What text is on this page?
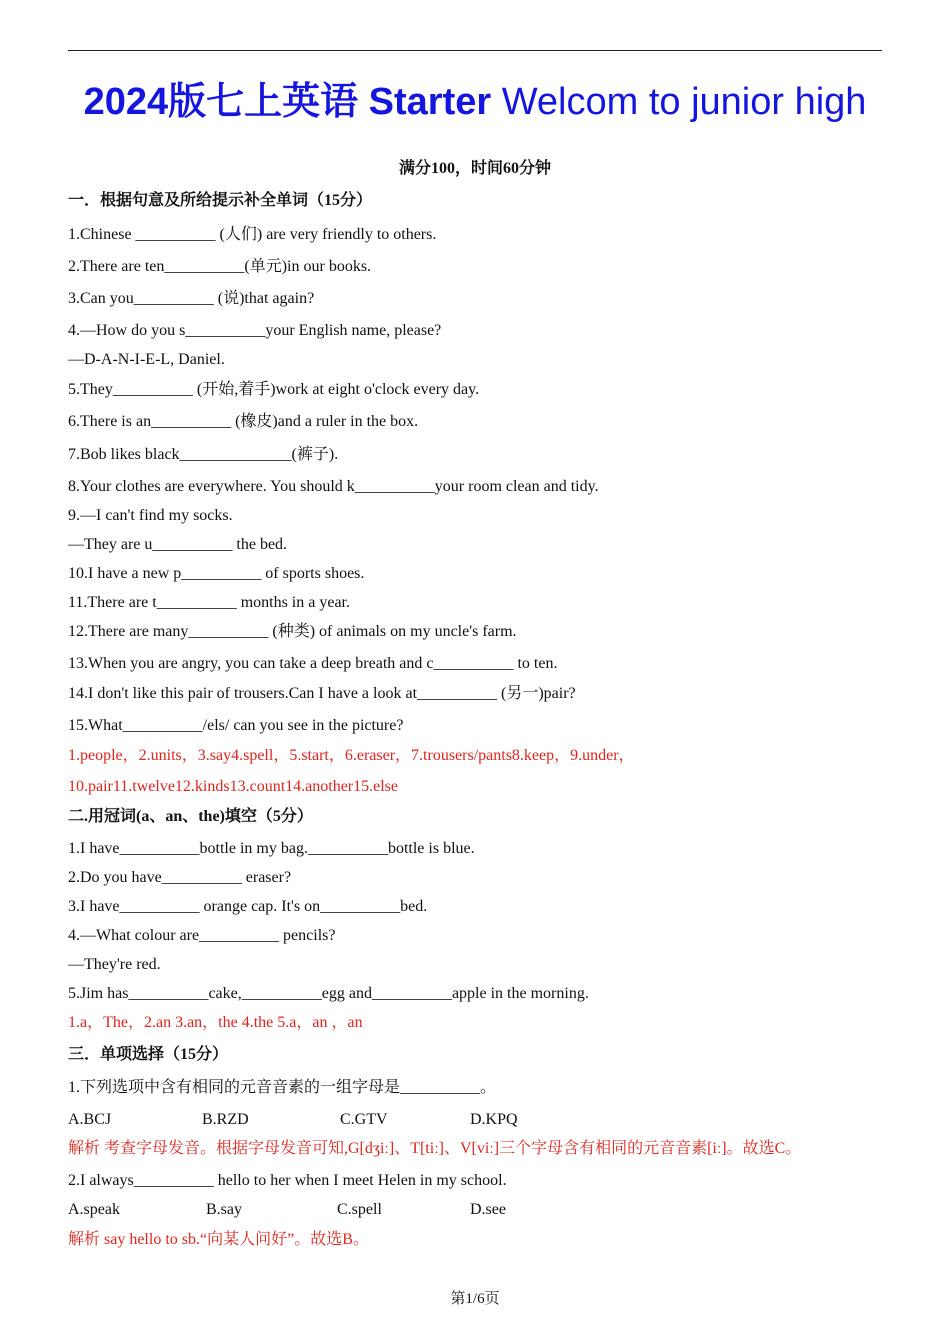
2024版七上英语 Starter Welcom to junior high
满分100，时间60分钟
一．根据句意及所给提示补全单词（15分）
1.Chinese __________ (人们) are very friendly to others.
2.There are ten__________(单元)in our books.
3.Can you__________ (说)that again?
4.—How do you s__________your English name, please?
—D-A-N-I-E-L, Daniel.
5.They__________ (开始,着手)work at eight o'clock every day.
6.There is an__________ (橡皮)and a ruler in the box.
7.Bob likes black______________(裤子).
8.Your clothes are everywhere. You should k__________your room clean and tidy.
9.—I can't find my socks.
—They are u__________ the bed.
10.I have a new p__________ of sports shoes.
11.There are t__________ months in a year.
12.There are many__________ (种类) of animals on my uncle's farm.
13.When you are angry, you can take a deep breath and c__________ to ten.
14.I don't like this pair of trousers.Can I have a look at__________ (另一)pair?
15.What__________/els/ can you see in the picture?
1.people，2.units，3.say4.spell，5.start，6.eraser，7.trousers/pants8.keep，9.under，
10.pair11.twelve12.kinds13.count14.another15.else
二.用冠词(a、an、the)填空（5分）
1.I have__________bottle in my bag.__________bottle is blue.
2.Do you have__________ eraser?
3.I have__________ orange cap. It's on__________bed.
4.—What colour are__________ pencils?
—They're red.
5.Jim has__________cake,__________egg and__________apple in the morning.
1.a，The，2.an 3.an，the 4.the 5.a，an ，an
三．单项选择（15分）
1.下列选项中含有相同的元音音素的一组字母是__________。
A.BCJ	B.RZD	C.GTV	D.KPQ
解析 考查字母发音。根据字母发音可知,G[dʒiː]、T[tiː]、V[viː]三个字母含有相同的元音音素[iː]。故选C。
2.I always__________ hello to her when I meet Helen in my school.
A.speak	B.say	C.spell	D.see
解析 say hello to sb.“向某人问好”。故选B。
第1/6页
